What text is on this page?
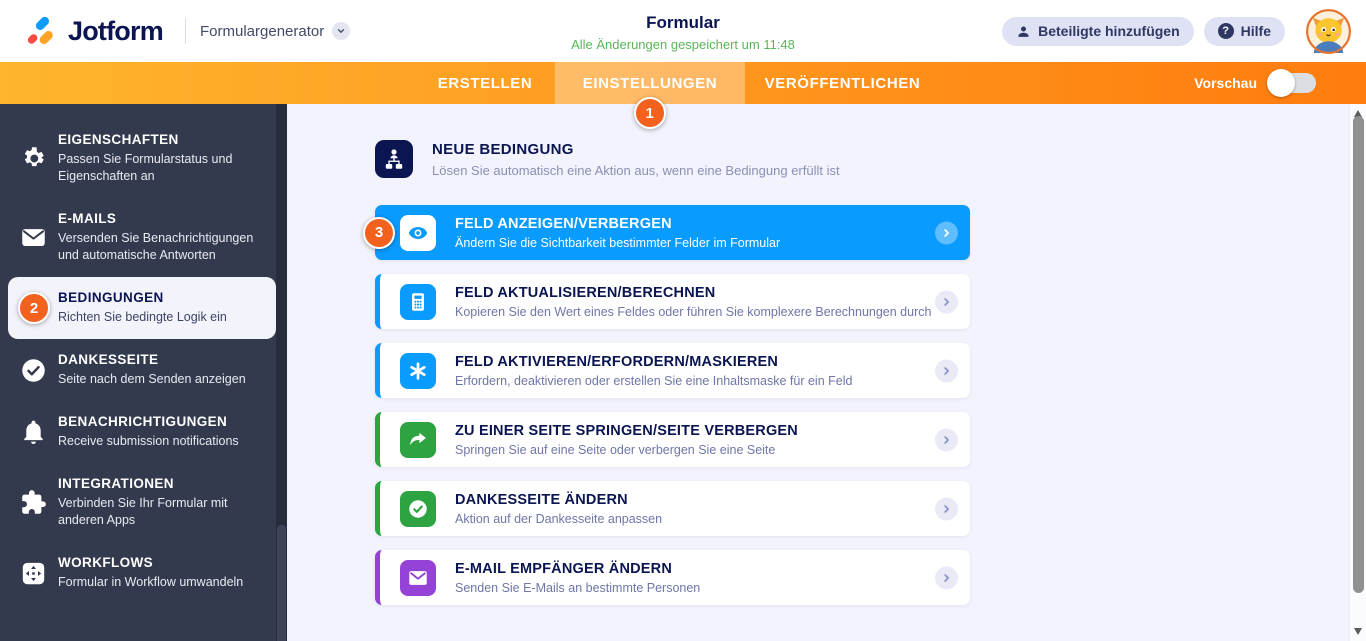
Jotform Formulargenerator	Formular
Alle Änderungen gespeichert um 11:48
Beteiligte hinzufügen	? Hilfe
ERSTELLEN	EINSTELLUNGEN
1
VERÖFFENTLICHEN	Vorschau
EIGENSCHAFTEN
Passen Sie Formularstatus und Eigenschaften an
E-MAILS
Versenden Sie Benachrichtigungen und automatische Antworten
2
BEDINGUNGEN
Richten Sie bedingte Logik ein
DANKESSEITE
Seite nach dem Senden anzeigen
BENACHRICHTIGUNGEN
Receive submission notifications
INTEGRATIONEN
Verbinden Sie Ihr Formular mit anderen Apps
WORKFLOWS
Formular in Workflow umwandeln
NEUE BEDINGUNG
Lösen Sie automatisch eine Aktion aus, wenn eine Bedingung erfüllt ist
3
FELD ANZEIGEN/VERBERGEN
Ändern Sie die Sichtbarkeit bestimmter Felder im Formular
FELD AKTUALISIEREN/BERECHNEN
Kopieren Sie den Wert eines Feldes oder führen Sie komplexere Berechnungen durch
FELD AKTIVIEREN/ERFORDERN/MASKIEREN
Erfordern, deaktivieren oder erstellen Sie eine Inhaltsmaske für ein Feld
ZU EINER SEITE SPRINGEN/SEITE VERBERGEN
Springen Sie auf eine Seite oder verbergen Sie eine Seite
DANKESSEITE ÄNDERN
Aktion auf der Dankesseite anpassen
E-MAIL EMPFÄNGER ÄNDERN
Senden Sie E-Mails an bestimmte Personen
